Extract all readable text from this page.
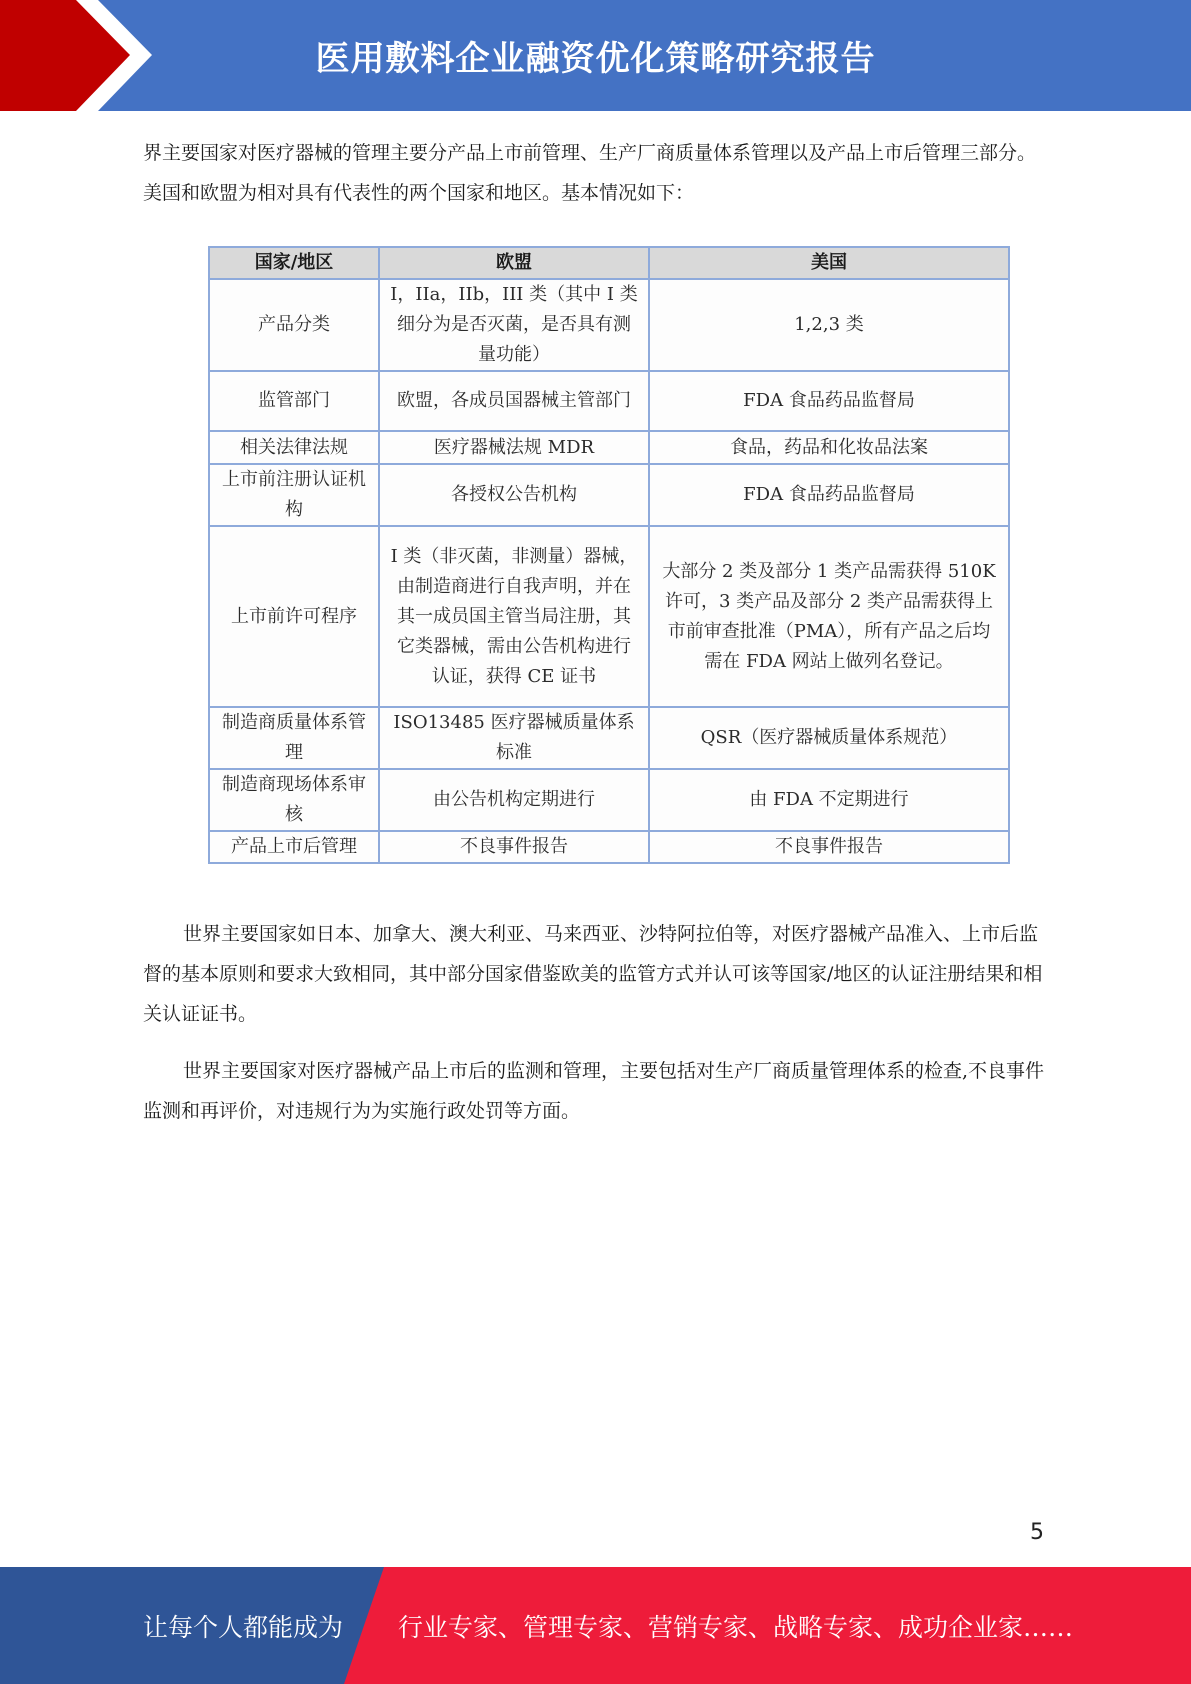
医用敷料企业融资优化策略研究报告

界主要国家对医疗器械的管理主要分产品上市前管理、生产厂商质量体系管理以及产品上市后管理三部分。美国和欧盟为相对具有代表性的两个国家和地区。基本情况如下：

国家/地区	欧盟	美国
产品分类	I，IIa，IIb，III 类（其中 I 类细分为是否灭菌，是否具有测量功能）	1,2,3 类
监管部门	欧盟，各成员国器械主管部门	FDA 食品药品监督局
相关法律法规	医疗器械法规 MDR	食品，药品和化妆品法案
上市前注册认证机构	各授权公告机构	FDA 食品药品监督局
上市前许可程序	I 类（非灭菌，非测量）器械，由制造商进行自我声明，并在其一成员国主管当局注册，其它类器械，需由公告机构进行认证，获得 CE 证书	大部分 2 类及部分 1 类产品需获得 510K 许可，3 类产品及部分 2 类产品需获得上市前审查批准（PMA），所有产品之后均需在 FDA 网站上做列名登记。
制造商质量体系管理	ISO13485 医疗器械质量体系标准	QSR（医疗器械质量体系规范）
制造商现场体系审核	由公告机构定期进行	由 FDA 不定期进行
产品上市后管理	不良事件报告	不良事件报告

世界主要国家如日本、加拿大、澳大利亚、马来西亚、沙特阿拉伯等，对医疗器械产品准入、上市后监督的基本原则和要求大致相同，其中部分国家借鉴欧美的监管方式并认可该等国家/地区的认证注册结果和相关认证证书。

世界主要国家对医疗器械产品上市后的监测和管理，主要包括对生产厂商质量管理体系的检查,不良事件监测和再评价，对违规行为为实施行政处罚等方面。

5
让每个人都能成为 行业专家、管理专家、营销专家、战略专家、成功企业家……
